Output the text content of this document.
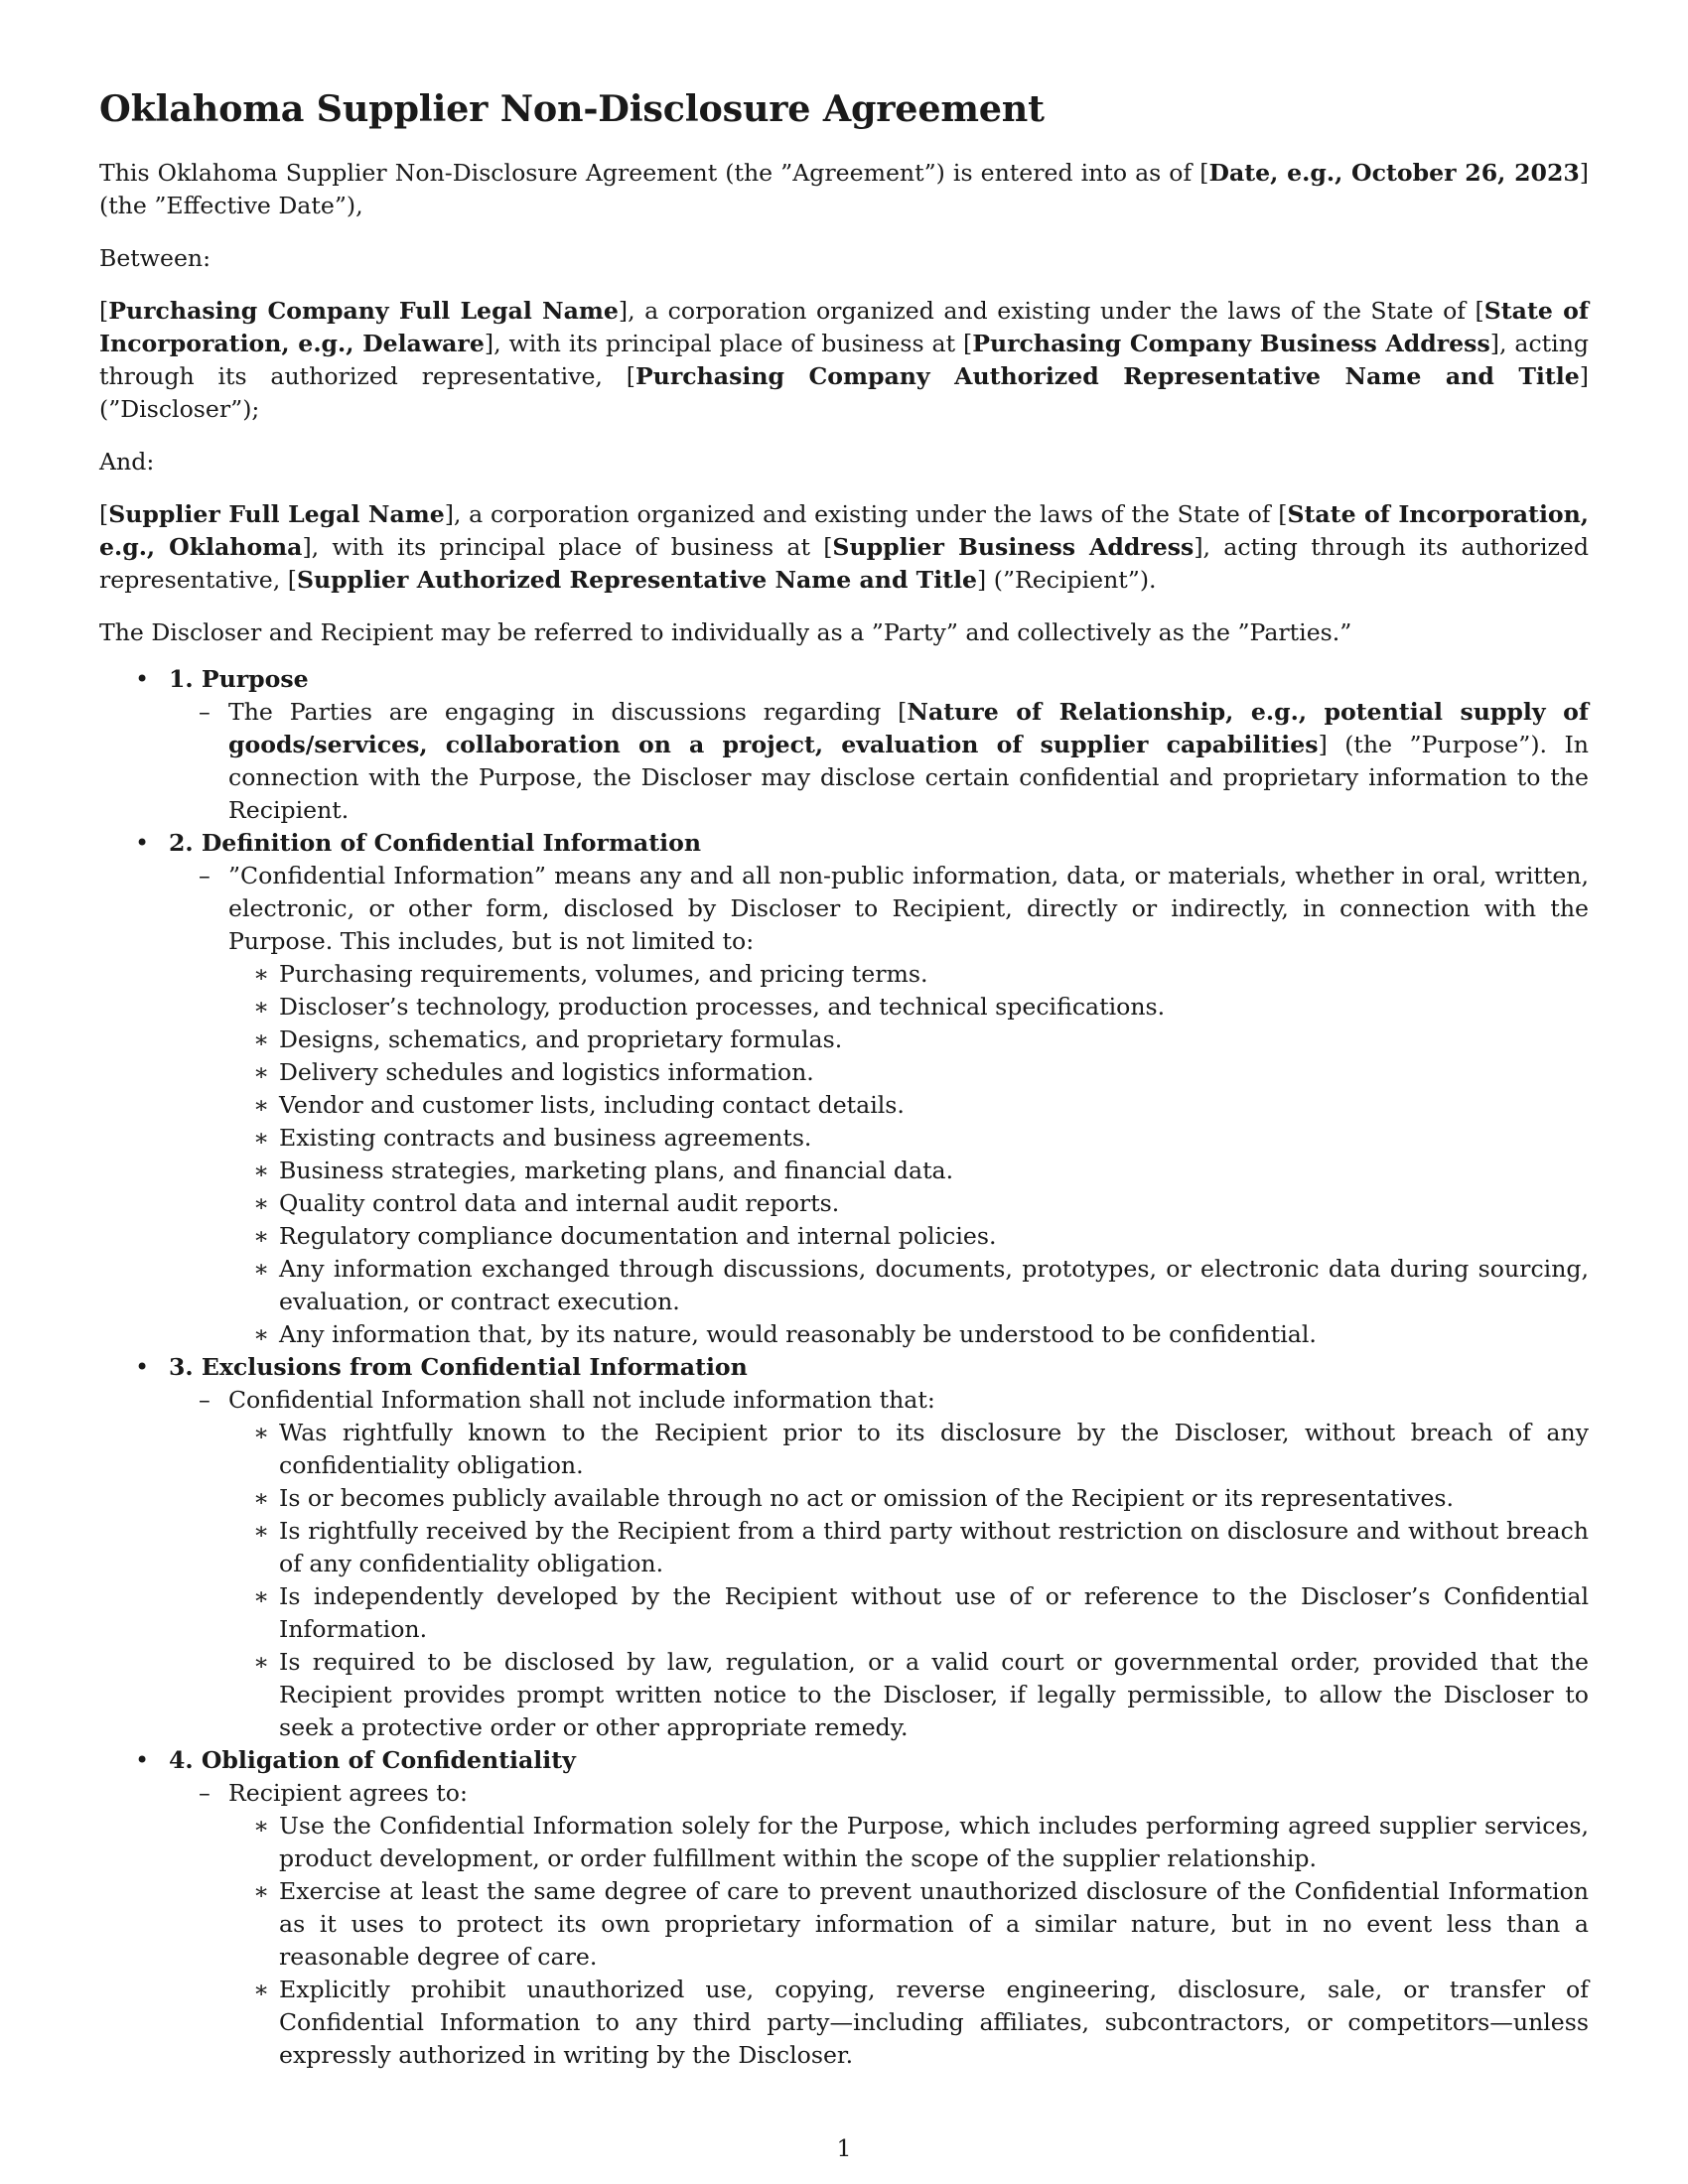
Oklahoma Supplier Non-Disclosure Agreement

This Oklahoma Supplier Non-Disclosure Agreement (the ”Agreement”) is entered into as of [Date, e.g., October 26, 2023] (the ”Effective Date”),

Between:

[Purchasing Company Full Legal Name], a corporation organized and existing under the laws of the State of [State of Incorporation, e.g., Delaware], with its principal place of business at [Purchasing Company Business Address], acting through its authorized representative, [Purchasing Company Authorized Representative Name and Title] (”Discloser”);

And:

[Supplier Full Legal Name], a corporation organized and existing under the laws of the State of [State of Incorporation, e.g., Oklahoma], with its principal place of business at [Supplier Business Address], acting through its authorized representative, [Supplier Authorized Representative Name and Title] (”Recipient”).

The Discloser and Recipient may be referred to individually as a ”Party” and collectively as the ”Parties.”

• 1. Purpose
– The Parties are engaging in discussions regarding [Nature of Relationship, e.g., potential supply of goods/services, collaboration on a project, evaluation of supplier capabilities] (the ”Purpose”). In connection with the Purpose, the Discloser may disclose certain confidential and proprietary information to the Recipient.
• 2. Definition of Confidential Information
– ”Confidential Information” means any and all non-public information, data, or materials, whether in oral, written, electronic, or other form, disclosed by Discloser to Recipient, directly or indirectly, in connection with the Purpose. This includes, but is not limited to:
∗ Purchasing requirements, volumes, and pricing terms.
∗ Discloser’s technology, production processes, and technical specifications.
∗ Designs, schematics, and proprietary formulas.
∗ Delivery schedules and logistics information.
∗ Vendor and customer lists, including contact details.
∗ Existing contracts and business agreements.
∗ Business strategies, marketing plans, and financial data.
∗ Quality control data and internal audit reports.
∗ Regulatory compliance documentation and internal policies.
∗ Any information exchanged through discussions, documents, prototypes, or electronic data during sourcing, evaluation, or contract execution.
∗ Any information that, by its nature, would reasonably be understood to be confidential.
• 3. Exclusions from Confidential Information
– Confidential Information shall not include information that:
∗ Was rightfully known to the Recipient prior to its disclosure by the Discloser, without breach of any confidentiality obligation.
∗ Is or becomes publicly available through no act or omission of the Recipient or its representatives.
∗ Is rightfully received by the Recipient from a third party without restriction on disclosure and without breach of any confidentiality obligation.
∗ Is independently developed by the Recipient without use of or reference to the Discloser’s Confidential Information.
∗ Is required to be disclosed by law, regulation, or a valid court or governmental order, provided that the Recipient provides prompt written notice to the Discloser, if legally permissible, to allow the Discloser to seek a protective order or other appropriate remedy.
• 4. Obligation of Confidentiality
– Recipient agrees to:
∗ Use the Confidential Information solely for the Purpose, which includes performing agreed supplier services, product development, or order fulfillment within the scope of the supplier relationship.
∗ Exercise at least the same degree of care to prevent unauthorized disclosure of the Confidential Information as it uses to protect its own proprietary information of a similar nature, but in no event less than a reasonable degree of care.
∗ Explicitly prohibit unauthorized use, copying, reverse engineering, disclosure, sale, or transfer of Confidential Information to any third party—including affiliates, subcontractors, or competitors—unless expressly authorized in writing by the Discloser.
1
